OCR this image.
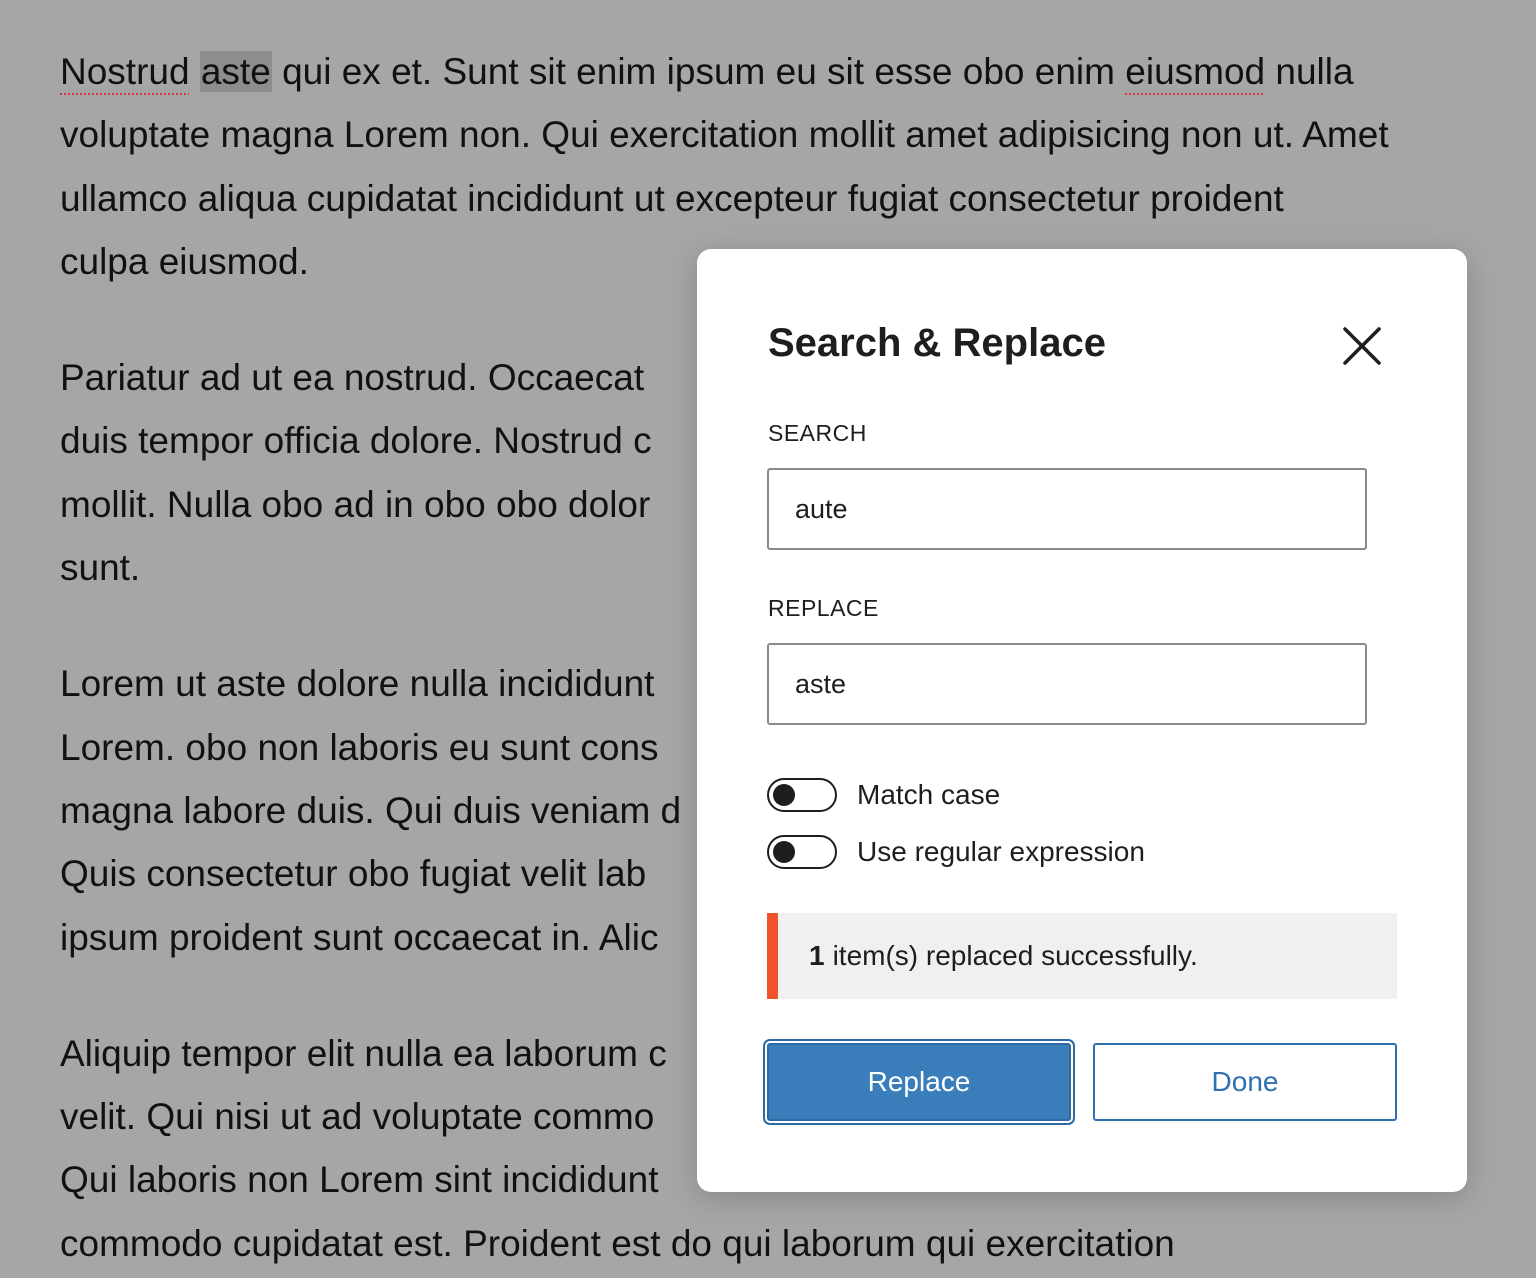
Nostrud aste qui ex et. Sunt sit enim ipsum eu sit esse obo enim eiusmod nulla
voluptate magna Lorem non. Qui exercitation mollit amet adipisicing non ut. Amet
ullamco aliqua cupidatat incididunt ut excepteur fugiat consectetur proident
culpa eiusmod.

Pariatur ad ut ea nostrud. Occaecat
duis tempor officia dolore. Nostrud c
mollit. Nulla obo ad in obo obo dolor
sunt.

Lorem ut aste dolore nulla incididunt
Lorem. obo non laboris eu sunt cons
magna labore duis. Qui duis veniam d
Quis consectetur obo fugiat velit lab
ipsum proident sunt occaecat in. Alic

Aliquip tempor elit nulla ea laborum c
velit. Qui nisi ut ad voluptate commo
Qui laboris non Lorem sint incididunt
commodo cupidatat est. Proident est do qui laborum qui exercitation

Search & Replace
SEARCH
aute
REPLACE
aste
Match case
Use regular expression
1 item(s) replaced successfully.
Replace	Done
